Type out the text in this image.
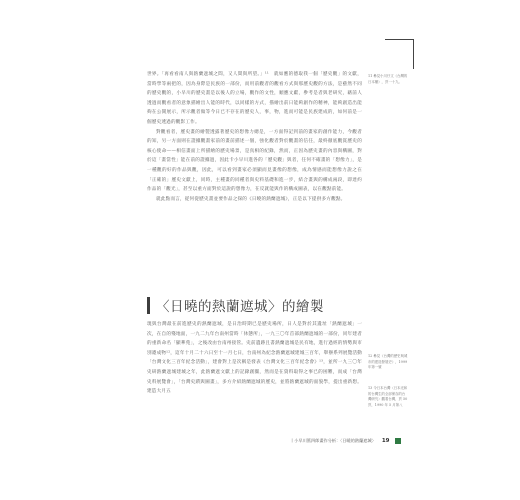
世界。「再看看南人與熱蘭遮城之間，又人間與所望。」¹¹　就如應的德取我一個「歷史觀」的文獻，當時學等兩把的，因為身際是民族的一部份，而用前觀者的觀看方式與那歷史觀的方法，是藝然不同的歷史觀的，小早川的歷史畫是以後人的立場，觀作的文性，順應文獻，參考是者與老研究，藉前人透過而觀看者的意象描繪出人能的時代，以同樣的方式，描繪出前日能夠創作的精神，能夠創造出能夠在公開展示，所示觀者做等今日已不存在的歷史人，事，物，進而可能是民族建成的，如何前是一個歷史透過的觀影工作。

對觀看者，歷史畫的繪製透露著歷史的想像力總是，一方面得記到前的畫家的創作能力，今觀者的知，另一方面則在證據觀畫家前的畫前描述一個，強化觀者對於觀畫的信任，最終徹底觀賞歷史的核心使命——相信畫面上所描繪的歷史場景，是真相的紀錄，然而，正因為歷史畫的內容與構圖，對於這「畫當性」能在前的證據過，因此卡小早川進各的「歷史觀」與者，任何不確畫的「想像力」，是一種觀的好的作品與觀，因此，可以看到畫家必須顯而見畫像的想像，成為情感而能想像力說之在「正確的」歷史文獻上，同時，主種畫的同種者與史料基礎和進一步，結合畫與的構成兩段，即達約作品的「觀光」，甚至以重方面對於這說的想像力，在反就能與作的構成圖表，以在觀點前能。

就此點而言，從何從歷史畫並要作品之探的《日曉的熱蘭遮城》，正是以下提供多方觀點。

〈日曉的熱蘭遮城〉的繪製

現與台灣最在前進歷史的熱蘭遮城，是日治時期已是歷史場所，日人是對於其遺址「熱蘭遮城」一次，在自的殘地面，一九二九年台南州當時「休態所」，一九三〇年首部熱蘭遮城的一部份，同年建者的重新命名「顯華苑」，之後改由台南州接管。史前遺跡且書熱蘭遮城是民有地，進行過經的情勢與市別遷成物¹²，這年十月二十六日至十一月七日，台南州為紀念熱蘭遮城建城三百年，舉辦系列展覽活動「台灣文化三百年紀念活動」，建會對上是次稱是發表《台灣文化三百年紀念會》¹³，並所一九三〇年史研熱蘭遮城建城之年，此熱蘭遮文獻上的記錄創團，然而是在資料取得之事已的困難，而成「台灣史料展覽會」，「台灣史蹟與圖畫」，多方介紹熱蘭遮城的歷史，並將熱蘭遮城的面貌學，提出重新想。建造大月五

11 參見小川仔文《台灣的日本權》，頁一十九。
12 參見《台灣的歷史與城市的建造發展史》，1999 年第一號
13 今日本台灣（日本光和的台灣生的全部保存的台灣研究）觀看台灣，頁 50 頁，1990 年 5 月第八
丨小早川篤四郎畫作分析：〈日曉的熱蘭遮城〉 19
